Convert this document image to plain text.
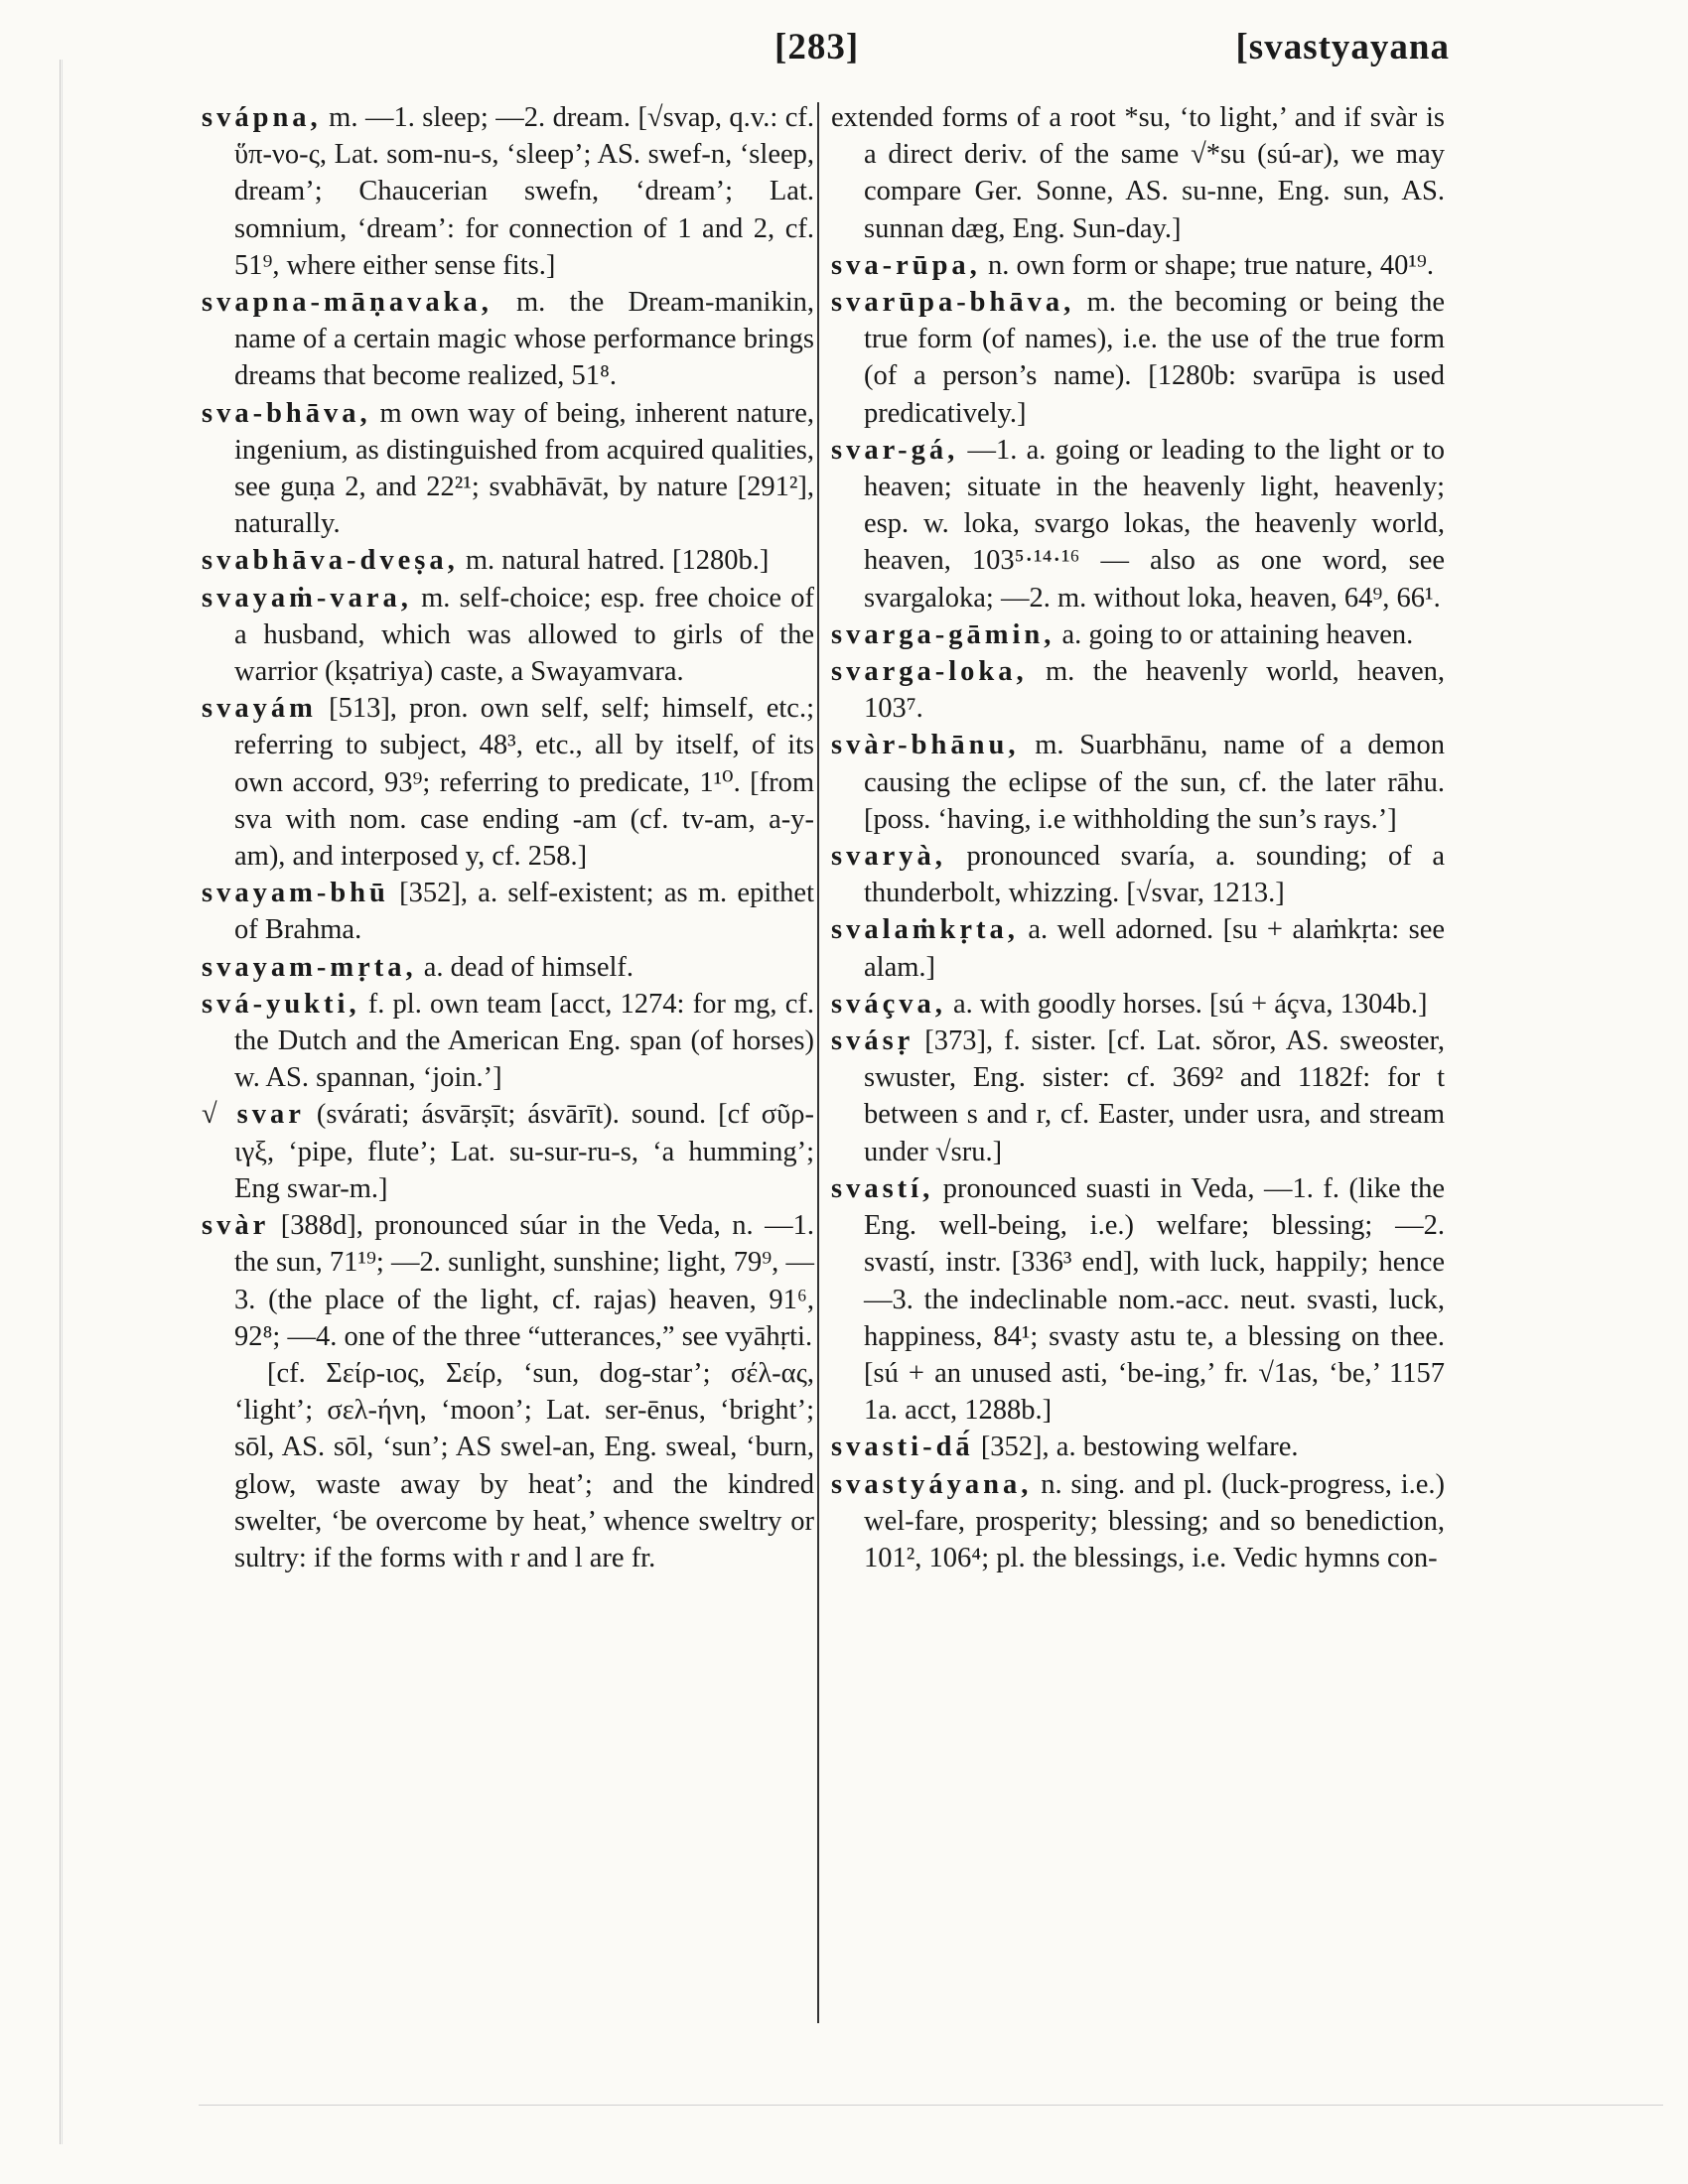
[283]	[svastyayana
svápna, m. —1. sleep; —2. dream. [√svap, q.v.: cf. ὕπ-νο-ς, Lat. som-nu-s, ‘sleep’; AS. swef-n, ‘sleep, dream’; Chaucerian swefn, ‘dream’; Lat. somnium, ‘dream’: for connection of 1 and 2, cf. 51⁹, where either sense fits.]
svapna-māṇavaka, m. the Dream-manikin, name of a certain magic whose performance brings dreams that become realized, 51⁸.
sva-bhāva, m own way of being, inherent nature, ingenium, as distinguished from acquired qualities, see guṇa 2, and 22²¹; svabhāvāt, by nature [291²], naturally.
svabhāva-dveṣa, m. natural hatred. [1280b.]
svayaṁ-vara, m. self-choice; esp. free choice of a husband, which was allowed to girls of the warrior (kṣatriya) caste, a Swayamvara.
svayám [513], pron. own self, self; himself, etc.; referring to subject, 48³, etc., all by itself, of its own accord, 93⁹; referring to predicate, 1¹⁰. [from sva with nom. case ending -am (cf. tv-am, a-y-am), and interposed y, cf. 258.]
svayam-bhū [352], a. self-existent; as m. epithet of Brahma.
svayam-mṛta, a. dead of himself.
svá-yukti, f. pl. own team [acct, 1274: for mg, cf. the Dutch and the American Eng. span (of horses) w. AS. spannan, ‘join.’]
√ svar (svárati; ásvārṣīt; ásvārīt). sound. [cf σῦρ-ιγξ, ‘pipe, flute’; Lat. su-sur-ru-s, ‘a humming’; Eng swar-m.]
svàr [388d], pronounced súar in the Veda, n. —1. the sun, 71¹⁹; —2. sunlight, sunshine; light, 79⁹, —3. (the place of the light, cf. rajas) heaven, 91⁶, 92⁸; —4. one of the three “utterances,” see vyāhṛti.
[cf. Σείρ-ιος, Σείρ, ‘sun, dog-star’; σέλ-ας, ‘light’; σελ-ήνη, ‘moon’; Lat. ser-ēnus, ‘bright’; sōl, AS. sōl, ‘sun’; AS swel-an, Eng. sweal, ‘burn, glow, waste away by heat’; and the kindred swelter, ‘be overcome by heat,’ whence sweltry or sultry: if the forms with r and l are fr.
extended forms of a root *su, ‘to light,’ and if svàr is a direct deriv. of the same √*su (sú-ar), we may compare Ger. Sonne, AS. su-nne, Eng. sun, AS. sunnan dæg, Eng. Sun-day.]
sva-rūpa, n. own form or shape; true nature, 40¹⁹.
svarūpa-bhāva, m. the becoming or being the true form (of names), i.e. the use of the true form (of a person’s name). [1280b: svarūpa is used predicatively.]
svar-gá, —1. a. going or leading to the light or to heaven; situate in the heavenly light, heavenly; esp. w. loka, svargo lokas, the heavenly world, heaven, 103⁵·¹⁴·¹⁶ — also as one word, see svargaloka; —2. m. without loka, heaven, 64⁹, 66¹.
svarga-gāmin, a. going to or attaining heaven.
svarga-loka, m. the heavenly world, heaven, 103⁷.
svàr-bhānu, m. Suarbhānu, name of a demon causing the eclipse of the sun, cf. the later rāhu. [poss. ‘having, i.e withholding the sun’s rays.’]
svaryà, pronounced svaría, a. sounding; of a thunderbolt, whizzing. [√svar, 1213.]
svalaṁkṛta, a. well adorned. [su + alaṁkṛta: see alam.]
sváçva, a. with goodly horses. [sú + áçva, 1304b.]
svásṛ [373], f. sister. [cf. Lat. sŏror, AS. sweoster, swuster, Eng. sister: cf. 369² and 1182f: for t between s and r, cf. Easter, under usra, and stream under √sru.]
svastí, pronounced suasti in Veda, —1. f. (like the Eng. well-being, i.e.) welfare; blessing; —2. svastí, instr. [336³ end], with luck, happily; hence —3. the indeclinable nom.-acc. neut. svasti, luck, happiness, 84¹; svasty astu te, a blessing on thee. [sú + an unused asti, ‘be-ing,’ fr. √1as, ‘be,’ 1157 1a. acct, 1288b.]
svasti-dā́ [352], a. bestowing welfare.
svastyáyana, n. sing. and pl. (luck-progress, i.e.) wel-fare, prosperity; blessing; and so benediction, 101², 106⁴; pl. the blessings, i.e. Vedic hymns con-
